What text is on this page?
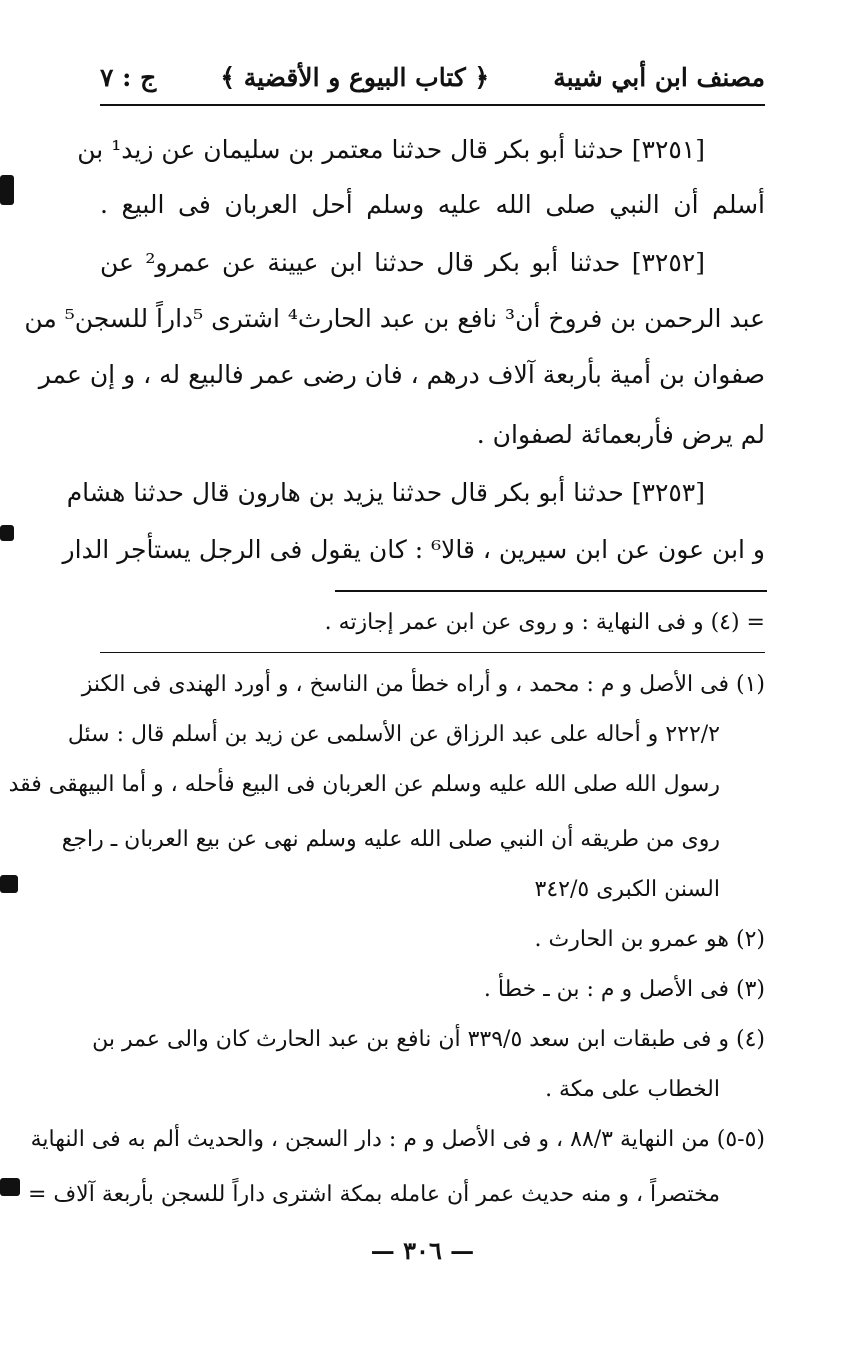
مصنف ابن أبي شيبة
﴿ كتاب البيوع و الأقضية ﴾
ج : ٧
[٣٢٥١] حدثنا أبو بكر قال حدثنا معتمر بن سليمان عن زيد¹ بن
أسلم أن النبي صلى الله عليه وسلم أحل العربان فى البيع .
[٣٢٥٢] حدثنا أبو بكر قال حدثنا ابن عيينة عن عمرو² عن
عبد الرحمن بن فروخ أن³ نافع بن عبد الحارث⁴ اشترى ⁵داراً للسجن⁵ من
صفوان بن أمية بأربعة آلاف درهم ، فان رضى عمر فالبيع له ، و إن عمر
لم يرض فأربعمائة لصفوان .
[٣٢٥٣] حدثنا أبو بكر قال حدثنا يزيد بن هارون قال حدثنا هشام
و ابن عون عن ابن سيرين ، قالا⁶ : كان يقول فى الرجل يستأجر الدار
= (٤) و فى النهاية : و روى عن ابن عمر إجازته .
(١) فى الأصل و م : محمد ، و أراه خطأ من الناسخ ، و أورد الهندى فى الكنز
٢٢٢/٢ و أحاله على عبد الرزاق عن الأسلمى عن زيد بن أسلم قال : سئل
رسول الله صلى الله عليه وسلم عن العربان فى البيع فأحله ، و أما البيهقى فقد
روى من طريقه أن النبي صلى الله عليه وسلم نهى عن بيع العربان ـ راجع
السنن الكبرى ٣٤٢/٥
(٢) هو عمرو بن الحارث .
(٣) فى الأصل و م : بن ـ خطأ .
(٤) و فى طبقات ابن سعد ٣٣٩/٥ أن نافع بن عبد الحارث كان والى عمر بن
الخطاب على مكة .
(٥-٥) من النهاية ٨٨/٣ ، و فى الأصل و م : دار السجن ، والحديث ألم به فى النهاية
مختصراً ، و منه حديث عمر أن عامله بمكة اشترى داراً للسجن بأربعة آلاف =
— ٣٠٦ —
